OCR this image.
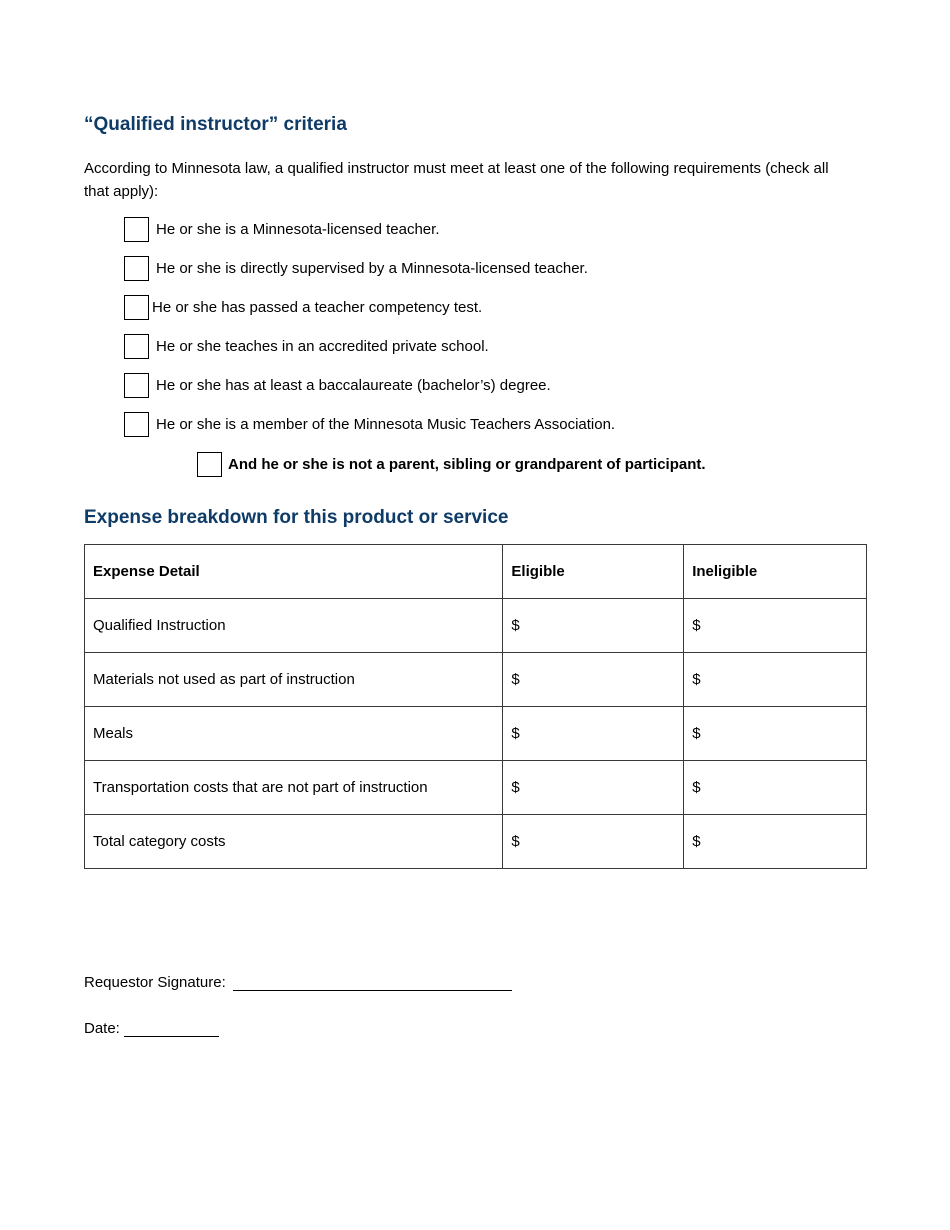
“Qualified instructor” criteria

According to Minnesota law, a qualified instructor must meet at least one of the following requirements (check all that apply):

He or she is a Minnesota-licensed teacher.
He or she is directly supervised by a Minnesota-licensed teacher.
He or she has passed a teacher competency test.
He or she teaches in an accredited private school.
He or she has at least a baccalaureate (bachelor’s) degree.
He or she is a member of the Minnesota Music Teachers Association.
And he or she is not a parent, sibling or grandparent of participant.
Expense breakdown for this product or service
Expense Detail	Eligible	Ineligible
Qualified Instruction	$	$
Materials not used as part of instruction	$	$
Meals	$	$
Transportation costs that are not part of instruction	$	$
Total category costs	$	$
Requestor Signature:
Date:
